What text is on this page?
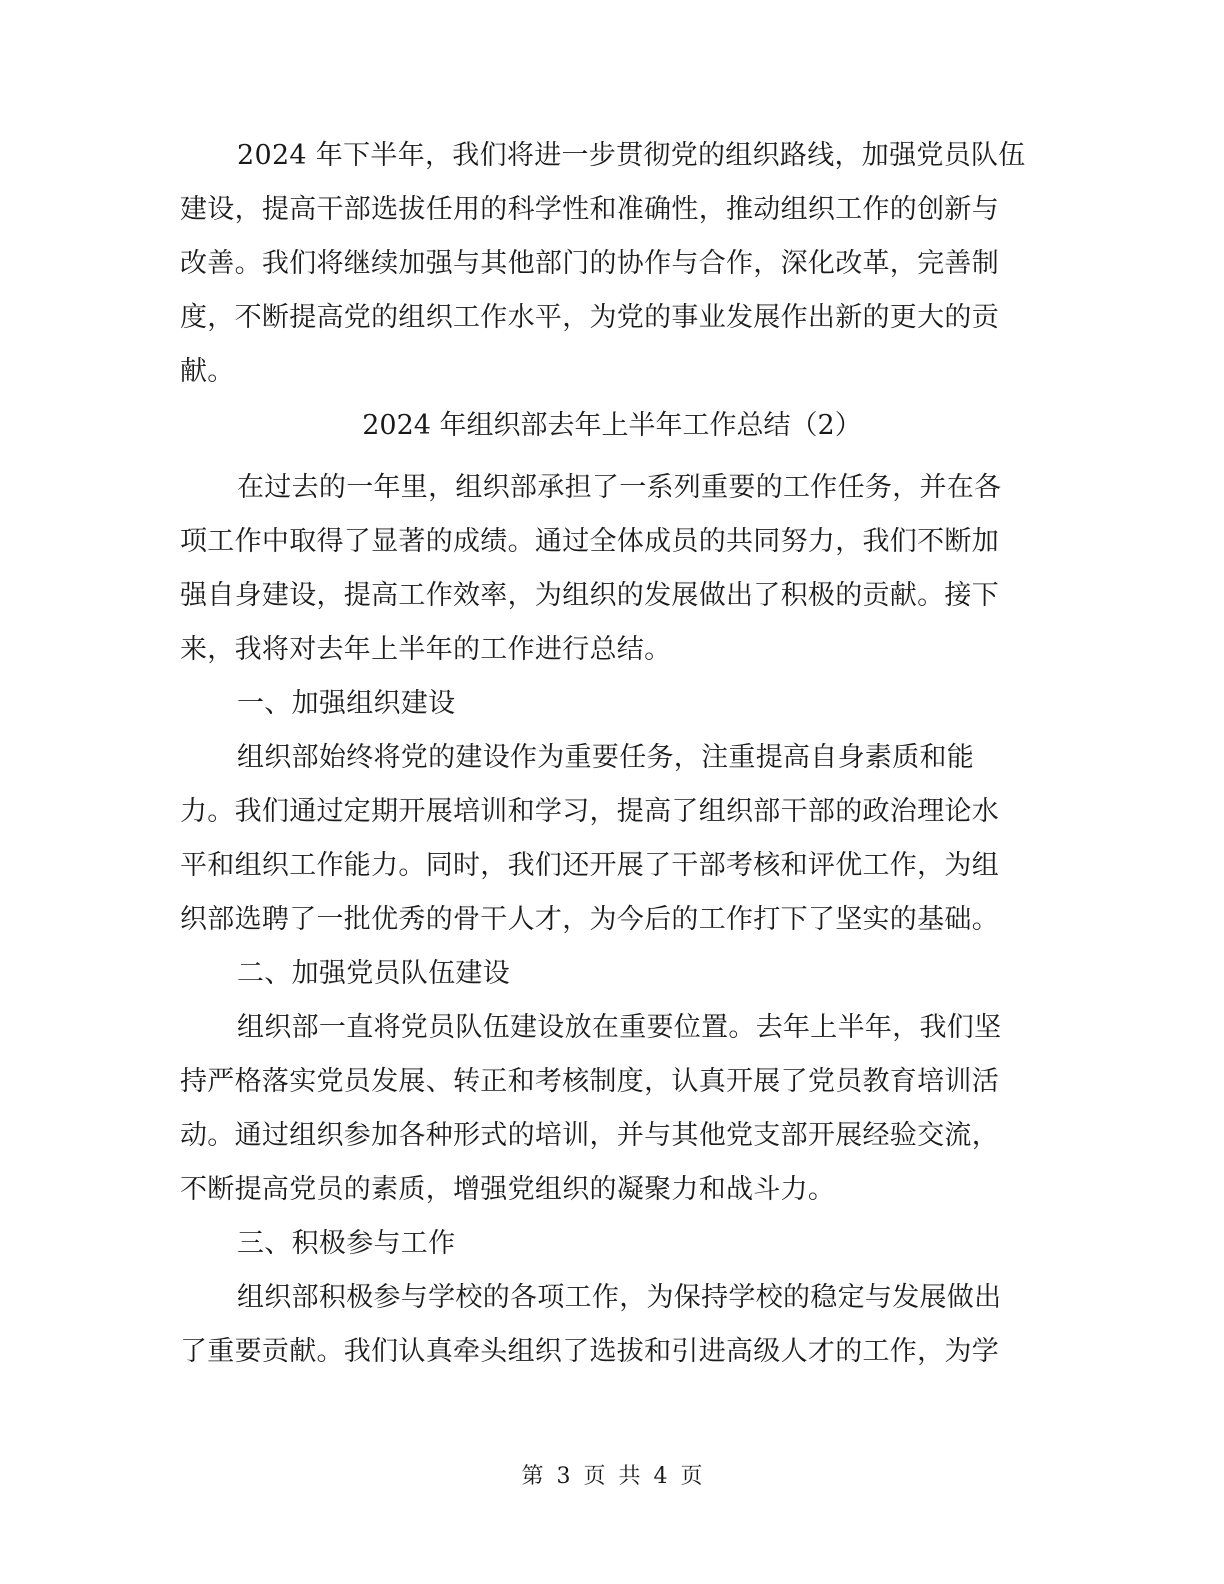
2024 年下半年，我们将进一步贯彻党的组织路线，加强党员队伍
建设，提高干部选拔任用的科学性和准确性，推动组织工作的创新与
改善。我们将继续加强与其他部门的协作与合作，深化改革，完善制
度，不断提高党的组织工作水平，为党的事业发展作出新的更大的贡
献。
2024 年组织部去年上半年工作总结（2）
在过去的一年里，组织部承担了一系列重要的工作任务，并在各
项工作中取得了显著的成绩。通过全体成员的共同努力，我们不断加
强自身建设，提高工作效率，为组织的发展做出了积极的贡献。接下
来，我将对去年上半年的工作进行总结。
一、加强组织建设
组织部始终将党的建设作为重要任务，注重提高自身素质和能
力。我们通过定期开展培训和学习，提高了组织部干部的政治理论水
平和组织工作能力。同时，我们还开展了干部考核和评优工作，为组
织部选聘了一批优秀的骨干人才，为今后的工作打下了坚实的基础。
二、加强党员队伍建设
组织部一直将党员队伍建设放在重要位置。去年上半年，我们坚
持严格落实党员发展、转正和考核制度，认真开展了党员教育培训活
动。通过组织参加各种形式的培训，并与其他党支部开展经验交流，
不断提高党员的素质，增强党组织的凝聚力和战斗力。
三、积极参与工作
组织部积极参与学校的各项工作，为保持学校的稳定与发展做出
了重要贡献。我们认真牵头组织了选拔和引进高级人才的工作，为学
第 3 页 共 4 页
